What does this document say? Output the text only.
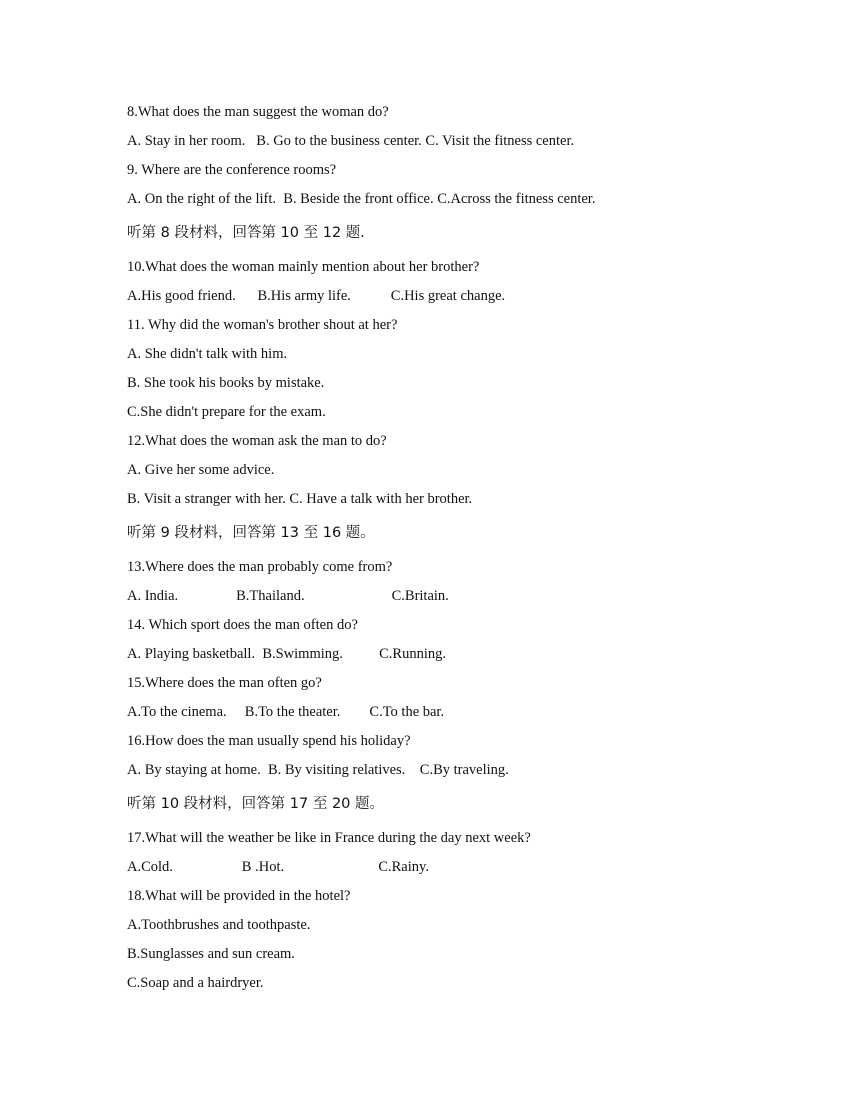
8.What does the man suggest the woman do?
A. Stay in her room.   B. Go to the business center. C. Visit the fitness center.
9. Where are the conference rooms?
A. On the right of the lift.  B. Beside the front office. C.Across the fitness center.
听第 8 段材料，回答第 10 至 12 题.
10.What does the woman mainly mention about her brother?
A.His good friend.      B.His army life.           C.His great change.
11. Why did the woman's brother shout at her?
A. She didn't talk with him.
B. She took his books by mistake.
C.She didn't prepare for the exam.
12.What does the woman ask the man to do?
A. Give her some advice.
B. Visit a stranger with her. C. Have a talk with her brother.
听第 9 段材料，回答第 13 至 16 题。
13.Where does the man probably come from?
A. India.                B.Thailand.                        C.Britain.
14. Which sport does the man often do?
A. Playing basketball.  B.Swimming.          C.Running.
15.Where does the man often go?
A.To the cinema.     B.To the theater.        C.To the bar.
16.How does the man usually spend his holiday?
A. By staying at home.  B. By visiting relatives.    C.By traveling.
听第 10 段材料，回答第 17 至 20 题。
17.What will the weather be like in France during the day next week?
A.Cold.                   B .Hot.                          C.Rainy.
18.What will be provided in the hotel?
A.Toothbrushes and toothpaste.
B.Sunglasses and sun cream.
C.Soap and a hairdryer.
